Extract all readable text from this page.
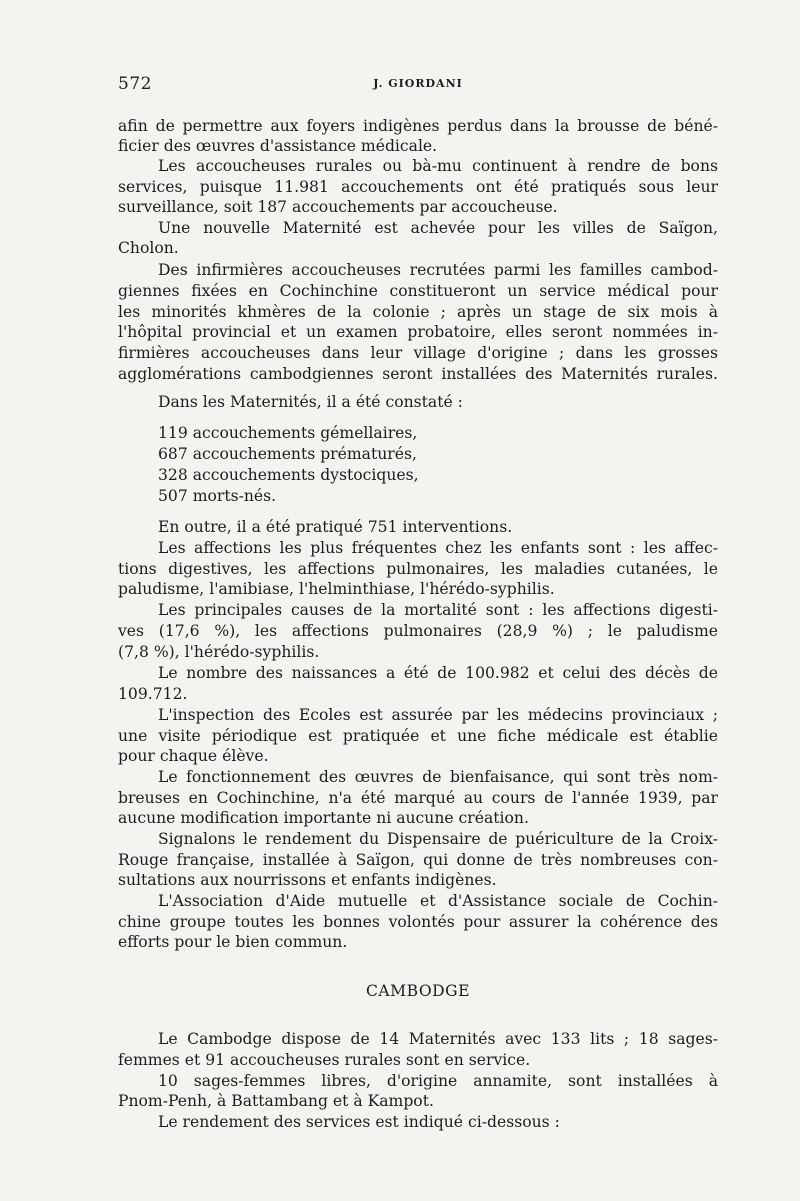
572	J. GIORDANI
afin de permettre aux foyers indigènes perdus dans la brousse de béné-
ficier des œuvres d'assistance médicale.
Les accoucheuses rurales ou bà-mu continuent à rendre de bons
services, puisque 11.981 accouchements ont été pratiqués sous leur
surveillance, soit 187 accouchements par accoucheuse.
Une nouvelle Maternité est achevée pour les villes de Saïgon,
Cholon.
Des infirmières accoucheuses recrutées parmi les familles cambod-
giennes fixées en Cochinchine constitueront un service médical pour
les minorités khmères de la colonie ; après un stage de six mois à
l'hôpital provincial et un examen probatoire, elles seront nommées in-
firmières accoucheuses dans leur village d'origine ; dans les grosses
agglomérations cambodgiennes seront installées des Maternités rurales.
Dans les Maternités, il a été constaté :
119 accouchements gémellaires,
687 accouchements prématurés,
328 accouchements dystociques,
507 morts-nés.
En outre, il a été pratiqué 751 interventions.
Les affections les plus fréquentes chez les enfants sont : les affec-
tions digestives, les affections pulmonaires, les maladies cutanées, le
paludisme, l'amibiase, l'helminthiase, l'hérédo-syphilis.
Les principales causes de la mortalité sont : les affections digesti-
ves (17,6 %), les affections pulmonaires (28,9 %) ; le paludisme
(7,8 %), l'hérédo-syphilis.
Le nombre des naissances a été de 100.982 et celui des décès de
109.712.
L'inspection des Ecoles est assurée par les médecins provinciaux ;
une visite périodique est pratiquée et une fiche médicale est établie
pour chaque élève.
Le fonctionnement des œuvres de bienfaisance, qui sont très nom-
breuses en Cochinchine, n'a été marqué au cours de l'année 1939, par
aucune modification importante ni aucune création.
Signalons le rendement du Dispensaire de puériculture de la Croix-
Rouge française, installée à Saïgon, qui donne de très nombreuses con-
sultations aux nourrissons et enfants indigènes.
L'Association d'Aide mutuelle et d'Assistance sociale de Cochin-
chine groupe toutes les bonnes volontés pour assurer la cohérence des
efforts pour le bien commun.
CAMBODGE
Le Cambodge dispose de 14 Maternités avec 133 lits ; 18 sages-
femmes et 91 accoucheuses rurales sont en service.
10 sages-femmes libres, d'origine annamite, sont installées à
Pnom-Penh, à Battambang et à Kampot.
Le rendement des services est indiqué ci-dessous :
